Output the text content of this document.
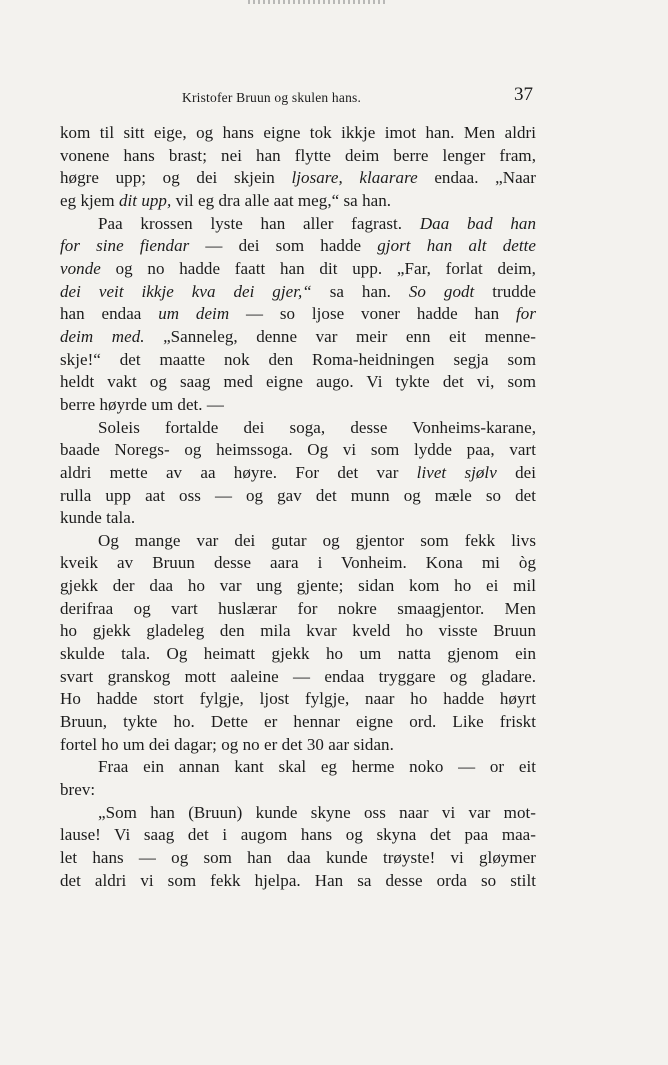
Kristofer Bruun og skulen hans.	37
kom til sitt eige, og hans eigne tok ikkje imot han. Men aldri
vonene hans brast; nei han flytte deim berre lenger fram,
høgre upp; og dei skjein ljosare, klaarare endaa. „Naar
eg kjem dit upp, vil eg dra alle aat meg,“ sa han.
Paa krossen lyste han aller fagrast. Daa bad han
for sine fiendar — dei som hadde gjort han alt dette
vonde og no hadde faatt han dit upp. „Far, forlat deim,
dei veit ikkje kva dei gjer,“ sa han. So godt trudde
han endaa um deim — so ljose voner hadde han for
deim med. „Sanneleg, denne var meir enn eit menne-
skje!“ det maatte nok den Roma-heidningen segja som
heldt vakt og saag med eigne augo. Vi tykte det vi, som
berre høyrde um det. —
Soleis fortalde dei soga, desse Vonheims-karane,
baade Noregs- og heimssoga. Og vi som lydde paa, vart
aldri mette av aa høyre. For det var livet sjølv dei
rulla upp aat oss — og gav det munn og mæle so det
kunde tala.
Og mange var dei gutar og gjentor som fekk livs
kveik av Bruun desse aara i Vonheim. Kona mi òg
gjekk der daa ho var ung gjente; sidan kom ho ei mil
derifraa og vart huslærar for nokre smaagjentor. Men
ho gjekk gladeleg den mila kvar kveld ho visste Bruun
skulde tala. Og heimatt gjekk ho um natta gjenom ein
svart granskog mott aaleine — endaa tryggare og gladare.
Ho hadde stort fylgje, ljost fylgje, naar ho hadde høyrt
Bruun, tykte ho. Dette er hennar eigne ord. Like friskt
fortel ho um dei dagar; og no er det 30 aar sidan.
Fraa ein annan kant skal eg herme noko — or eit
brev:
„Som han (Bruun) kunde skyne oss naar vi var mot-
lause! Vi saag det i augom hans og skyna det paa maa-
let hans — og som han daa kunde trøyste! vi gløymer
det aldri vi som fekk hjelpa. Han sa desse orda so stilt
